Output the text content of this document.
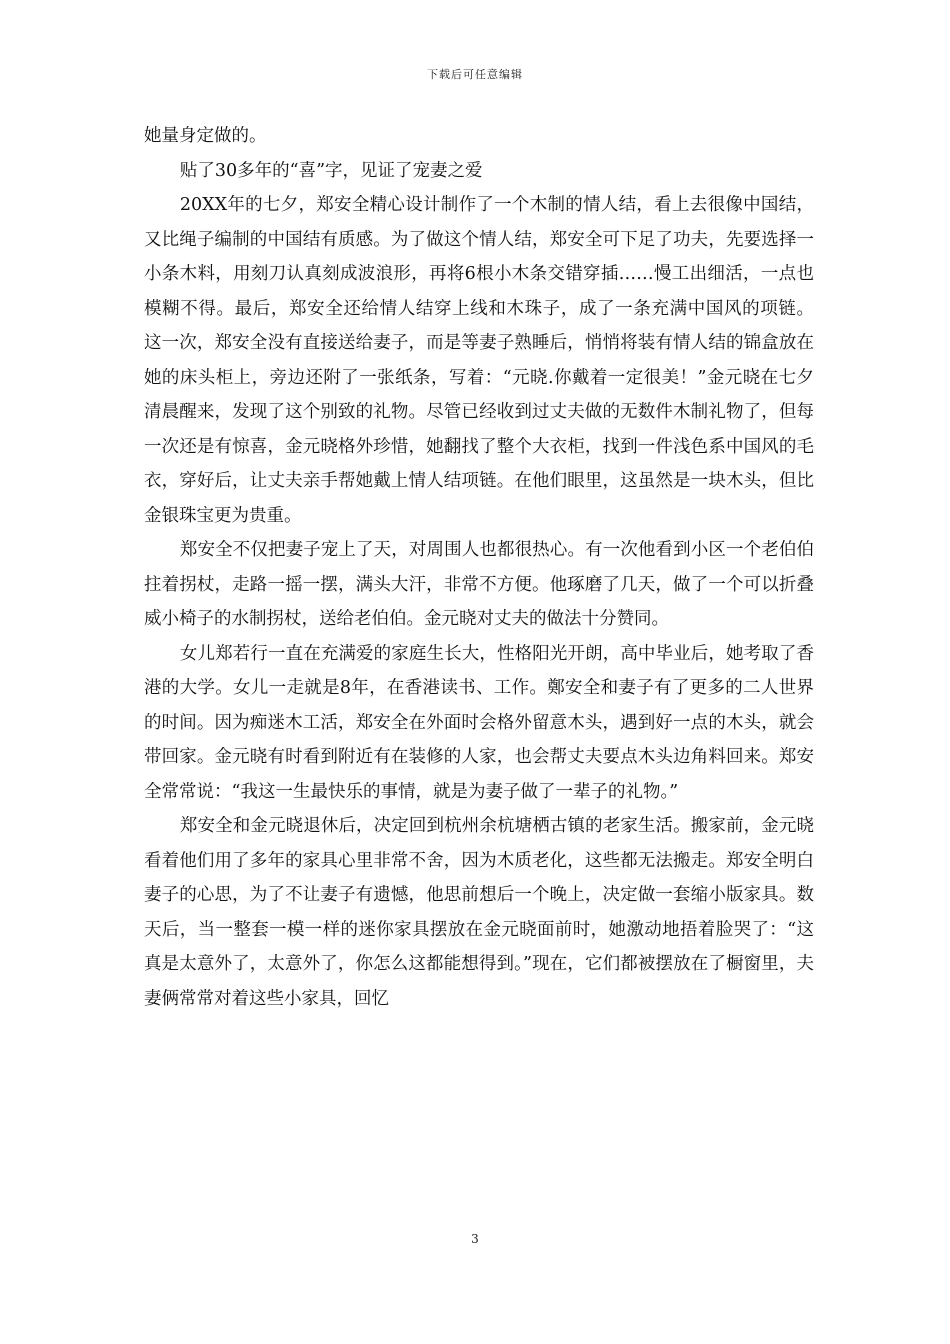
下载后可任意编辑

她量身定做的。

贴了30多年的“喜”字，见证了宠妻之爱

20XX年的七夕，郑安全精心设计制作了一个木制的情人结，看上去很像中国结，又比绳子编制的中国结有质感。为了做这个情人结，郑安全可下足了功夫，先要选择一小条木料，用刻刀认真刻成波浪形，再将6根小木条交错穿插……慢工出细活，一点也模糊不得。最后，郑安全还给情人结穿上线和木珠子，成了一条充满中国风的项链。 这一次，郑安全没有直接送给妻子，而是等妻子熟睡后，悄悄将装有情人结的锦盒放在她的床头柜上，旁边还附了一张纸条，写着：“元晓.你戴着一定很美！”金元晓在七夕清晨醒来，发现了这个别致的礼物。尽管已经收到过丈夫做的无数件木制礼物了，但每一次还是有惊喜，金元晓格外珍惜，她翻找了整个大衣柜，找到一件浅色系中国风的毛衣，穿好后，让丈夫亲手帮她戴上情人结项链。在他们眼里，这虽然是一块木头，但比金银珠宝更为贵重。

郑安全不仅把妻子宠上了天，对周围人也都很热心。有一次他看到小区一个老伯伯拄着拐杖，走路一摇一摆，满头大汗，非常不方便。他琢磨了几天，做了一个可以折叠威小椅子的水制拐杖，送给老伯伯。金元晓对丈夫的做法十分赞同。

女儿郑若行一直在充满爱的家庭生长大，性格阳光开朗，高中毕业后，她考取了香港的大学。女儿一走就是8年，在香港读书、工作。鄭安全和妻子有了更多的二人世界的时间。因为痴迷木工活，郑安全在外面时会格外留意木头，遇到好一点的木头，就会带回家。金元晓有时看到附近有在装修的人家，也会帮丈夫要点木头边角料回来。郑安全常常说：“我这一生最快乐的事情，就是为妻子做了一辈子的礼物。”

郑安全和金元晓退休后，决定回到杭州余杭塘栖古镇的老家生活。搬家前，金元晓看着他们用了多年的家具心里非常不舍，因为木质老化，这些都无法搬走。郑安全明白妻子的心思，为了不让妻子有遗憾，他思前想后一个晚上，决定做一套缩小版家具。数天后，当一整套一模一样的迷你家具摆放在金元晓面前时，她激动地捂着脸哭了：“这真是太意外了，太意外了，你怎么这都能想得到。”现在，它们都被摆放在了橱窗里，夫妻俩常常对着这些小家具，回忆

3
